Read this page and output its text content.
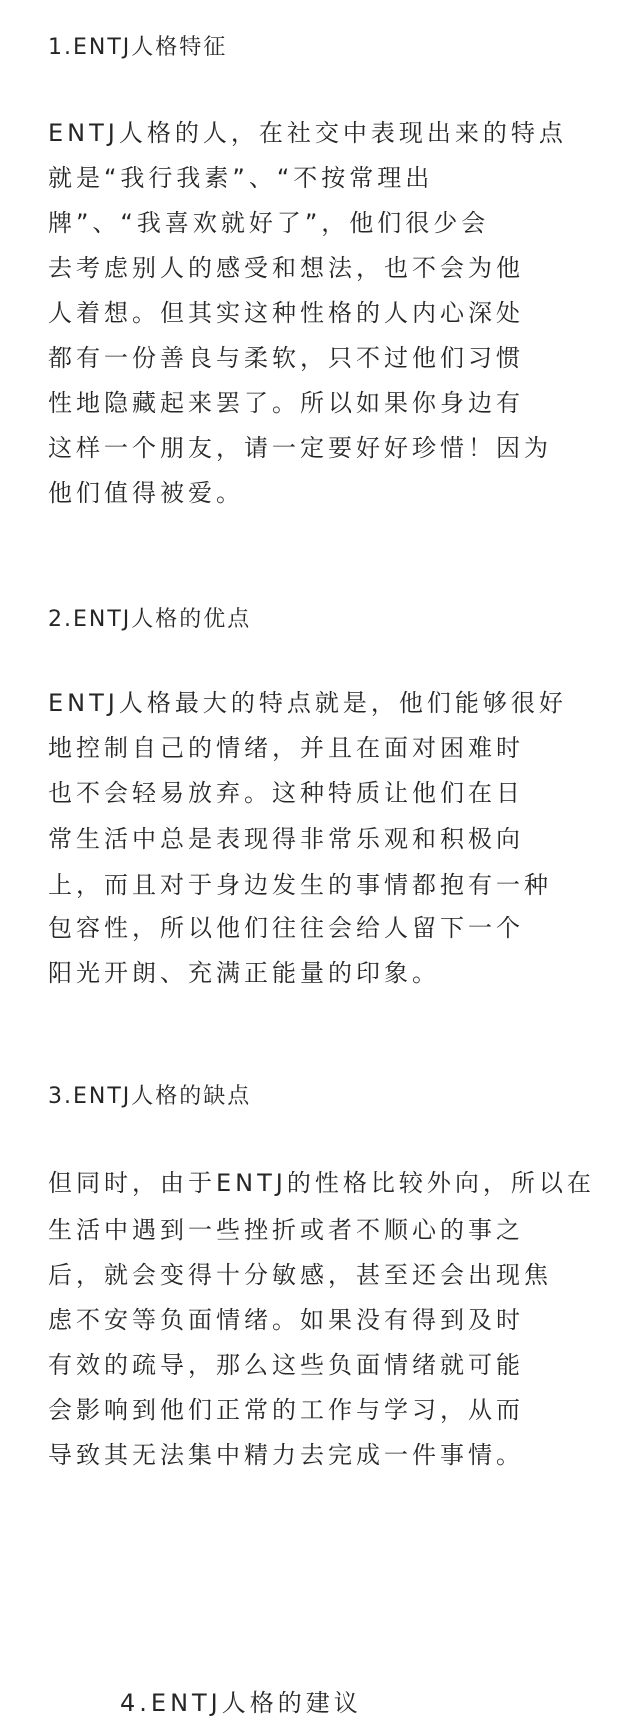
1.ENTJ人格特征
ENTJ人格的人，在社交中表现出来的特点
就是“我行我素”、“不按常理出
牌”、“我喜欢就好了”，他们很少会
去考虑别人的感受和想法，也不会为他
人着想。但其实这种性格的人内心深处
都有一份善良与柔软，只不过他们习惯
性地隐藏起来罢了。所以如果你身边有
这样一个朋友，请一定要好好珍惜！因为
他们值得被爱。
2.ENTJ人格的优点
ENTJ人格最大的特点就是，他们能够很好
地控制自己的情绪，并且在面对困难时
也不会轻易放弃。这种特质让他们在日
常生活中总是表现得非常乐观和积极向
上，而且对于身边发生的事情都抱有一种
包容性，所以他们往往会给人留下一个
阳光开朗、充满正能量的印象。
3.ENTJ人格的缺点
但同时，由于ENTJ的性格比较外向，所以在
生活中遇到一些挫折或者不顺心的事之
后，就会变得十分敏感，甚至还会出现焦
虑不安等负面情绪。如果没有得到及时
有效的疏导，那么这些负面情绪就可能
会影响到他们正常的工作与学习，从而
导致其无法集中精力去完成一件事情。
4.ENTJ人格的建议
